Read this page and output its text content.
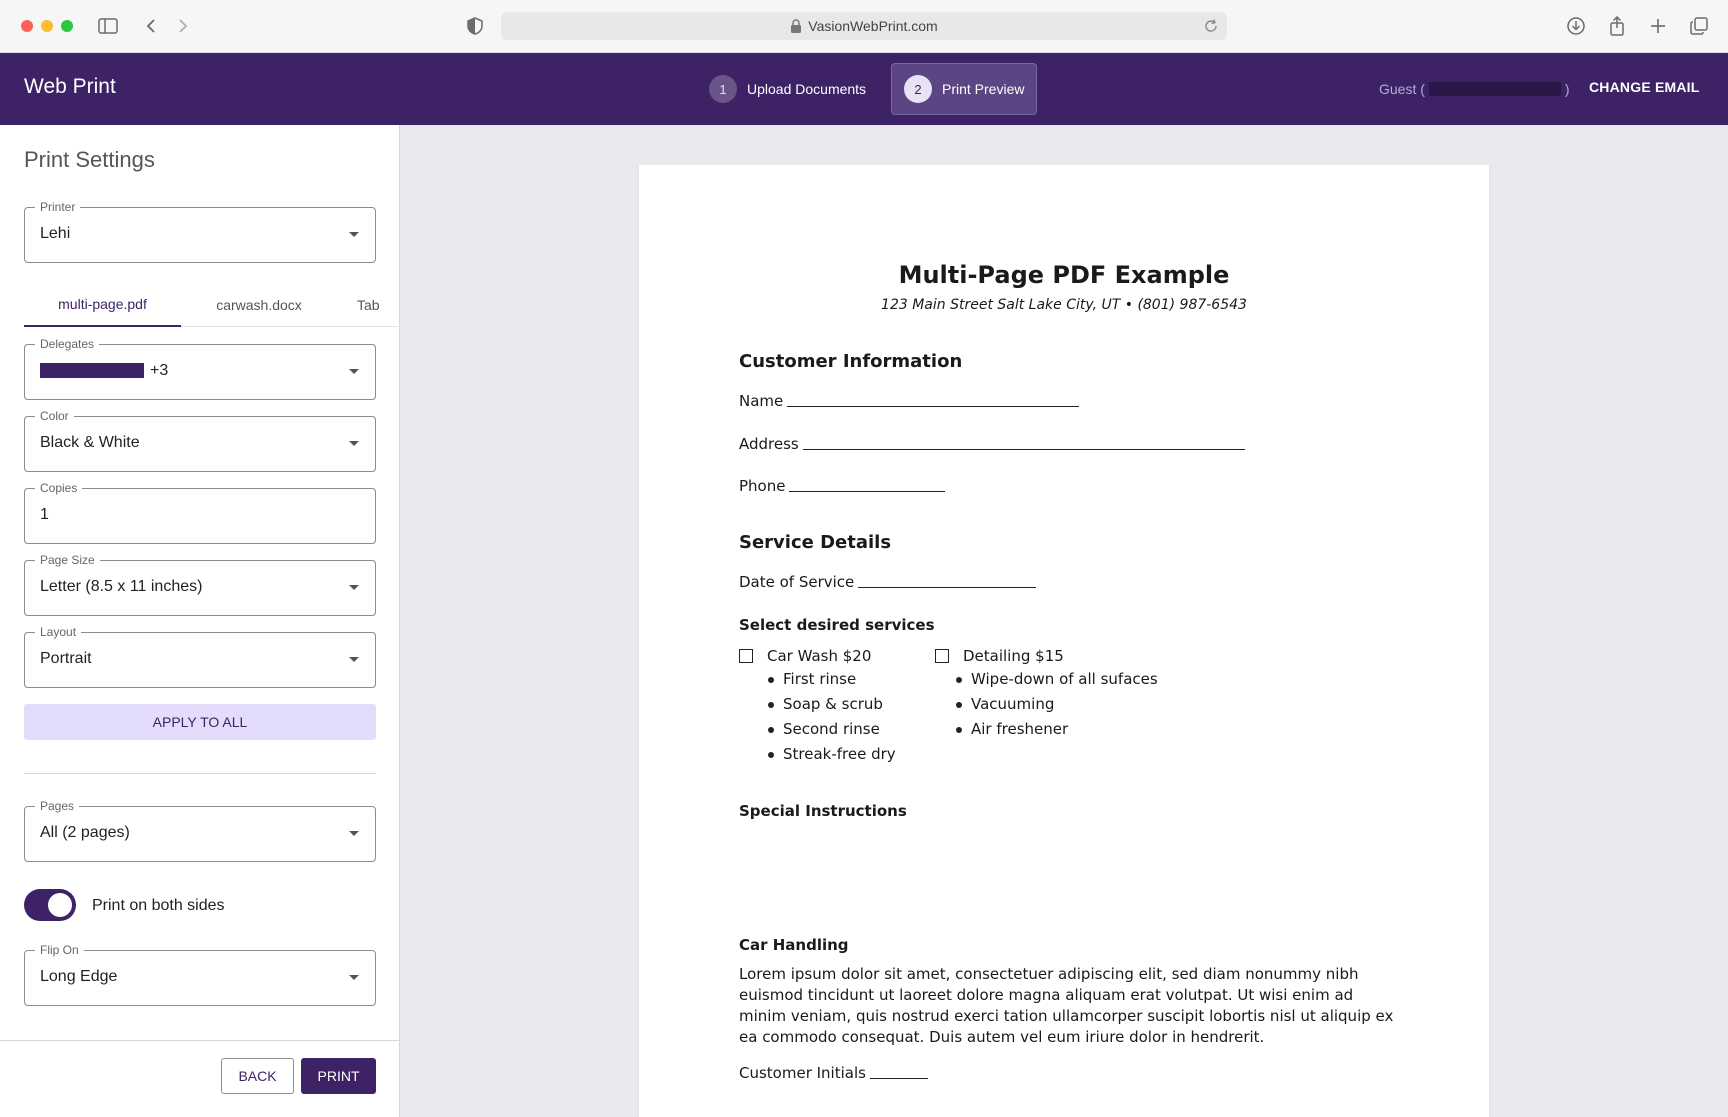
VasionWebPrint.com
Web Print	1	Upload Documents	2	Print Preview	Guest (	) CHANGE EMAIL
Print Settings
Printer
Lehi
multi-page.pdf	carwash.docx	Tab
Delegates
+3
Color
Black & White
Copies
1
Page Size
Letter (8.5 x 11 inches)
Layout
Portrait
APPLY TO ALL
Pages
All (2 pages)
Print on both sides
Flip On
Long Edge
BACK	PRINT
Multi-Page PDF Example
123 Main Street Salt Lake City, UT • (801) 987-6543
Customer Information
Name
Address
Phone
Service Details
Date of Service
Select desired services
Car Wash $20
First rinse
Soap & scrub
Second rinse
Streak-free dry
Detailing $15
Wipe-down of all sufaces
Vacuuming
Air freshener
Special Instructions
Car Handling
Lorem ipsum dolor sit amet, consectetuer adipiscing elit, sed diam nonummy nibh euismod tincidunt ut laoreet dolore magna aliquam erat volutpat. Ut wisi enim ad minim veniam, quis nostrud exerci tation ullamcorper suscipit lobortis nisl ut aliquip ex ea commodo consequat. Duis autem vel eum iriure dolor in hendrerit.
Customer Initials
